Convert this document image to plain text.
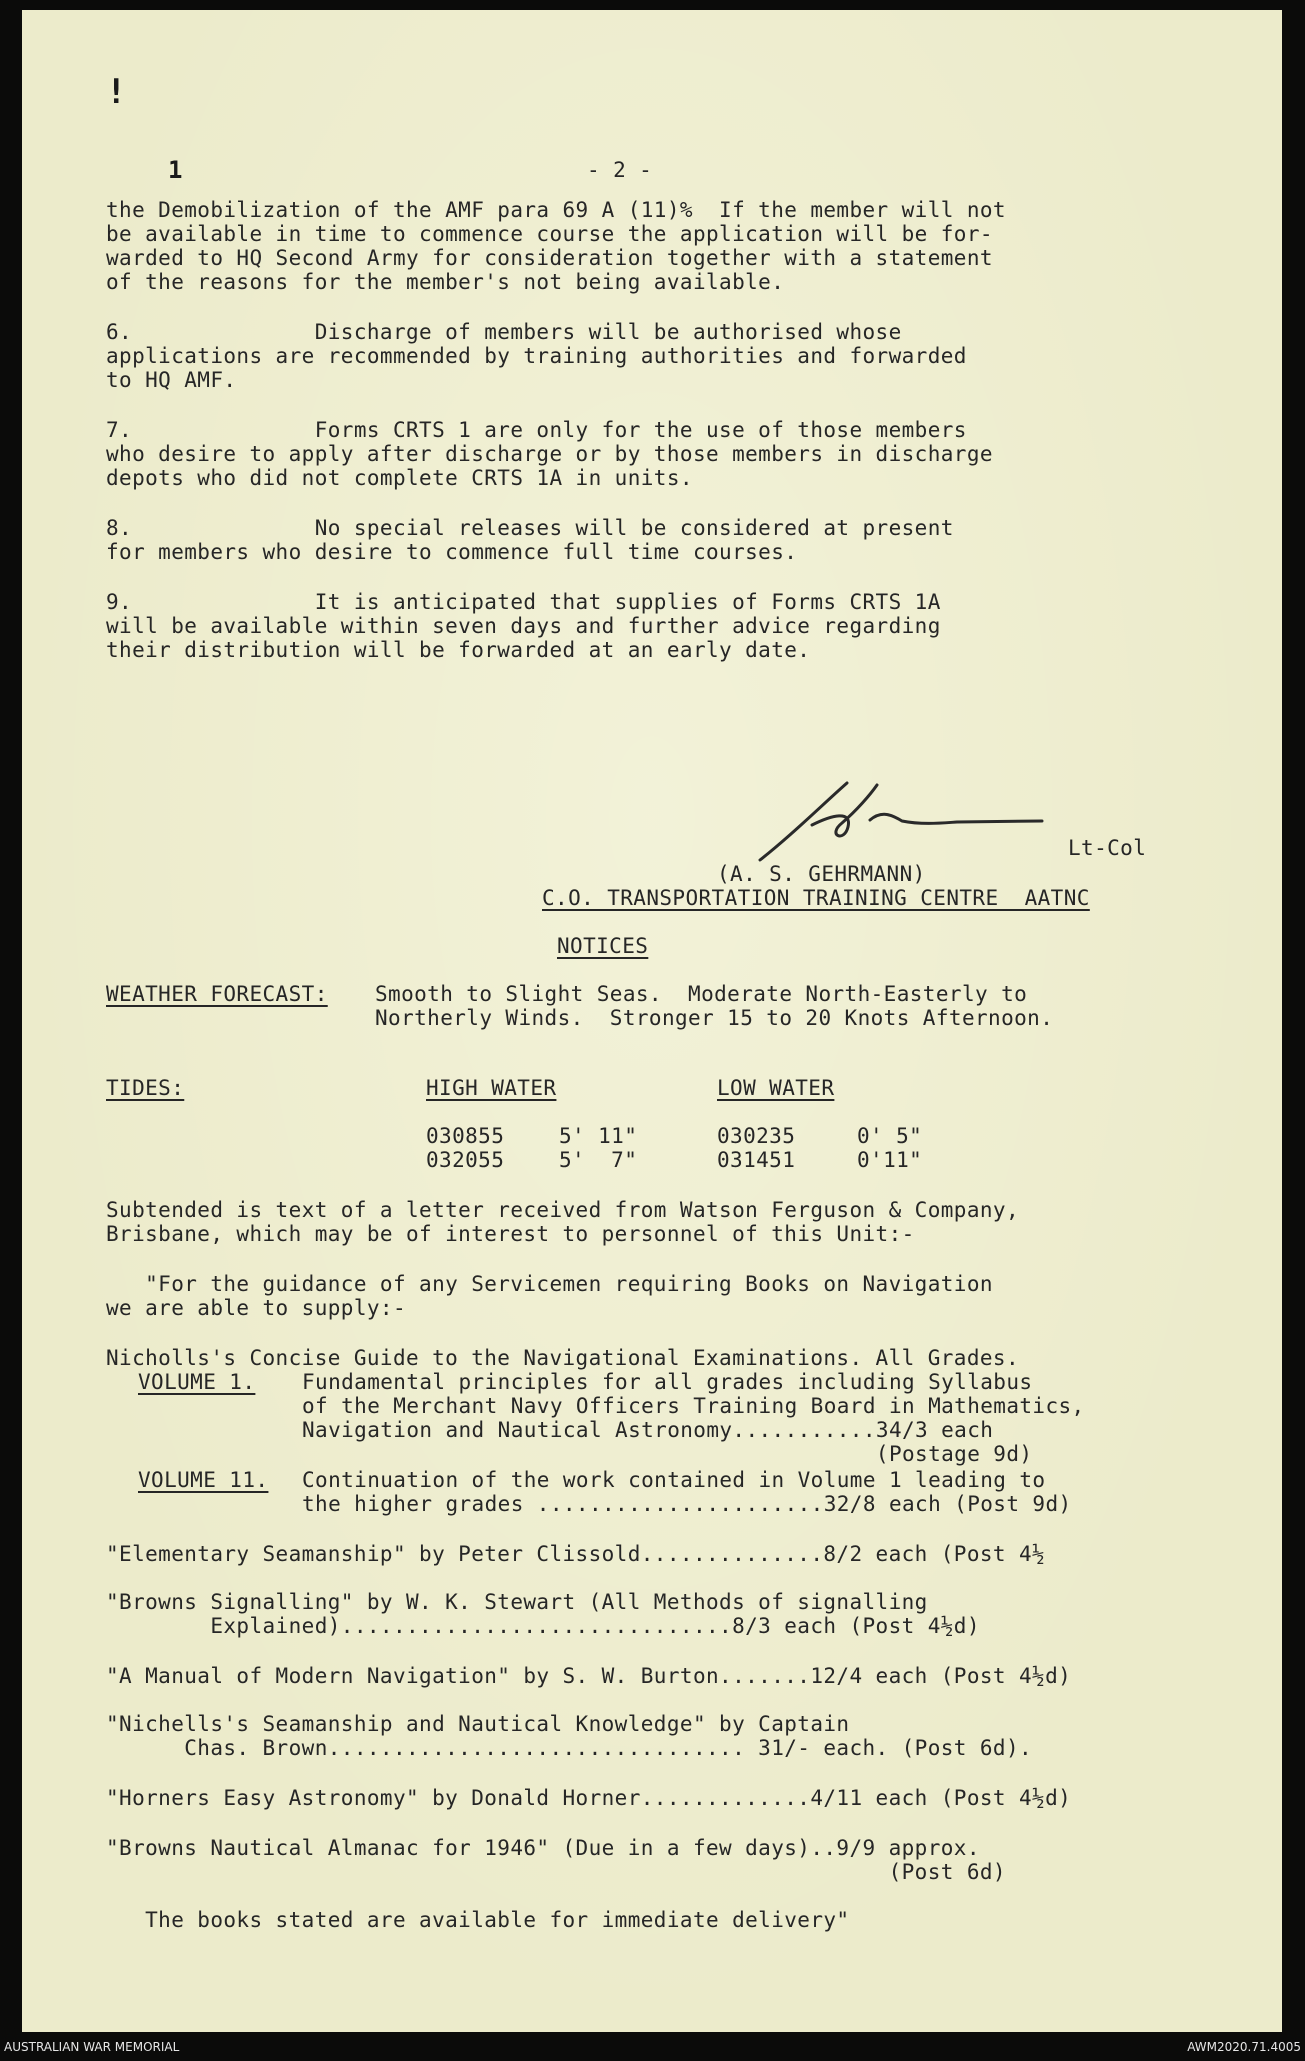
!
1	- 2 -
the Demobilization of the AMF para 69 A (11)%  If the member will not
be available in time to commence course the application will be for-
warded to HQ Second Army for consideration together with a statement
of the reasons for the member's not being available.
6.              Discharge of members will be authorised whose
applications are recommended by training authorities and forwarded
to HQ AMF.
7.              Forms CRTS 1 are only for the use of those members
who desire to apply after discharge or by those members in discharge
depots who did not complete CRTS 1A in units.
8.              No special releases will be considered at present
for members who desire to commence full time courses.
9.              It is anticipated that supplies of Forms CRTS 1A
will be available within seven days and further advice regarding
their distribution will be forwarded at an early date.
Lt-Col
(A. S. GEHRMANN)
C.O. TRANSPORTATION TRAINING CENTRE  AATNC
NOTICES
WEATHER FORECAST: Smooth to Slight Seas.  Moderate North-Easterly to
Northerly Winds.  Stronger 15 to 20 Knots Afternoon.
TIDES:	HIGH WATER	LOW WATER
030855	5' 11"	030235	0' 5"
032055	5'  7"	031451	0'11"
Subtended is text of a letter received from Watson Ferguson & Company,
Brisbane, which may be of interest to personnel of this Unit:-
"For the guidance of any Servicemen requiring Books on Navigation
we are able to supply:-
Nicholls's Concise Guide to the Navigational Examinations. All Grades.
VOLUME 1. Fundamental principles for all grades including Syllabus
of the Merchant Navy Officers Training Board in Mathematics,
Navigation and Nautical Astronomy...........34/3 each
(Postage 9d)
VOLUME 11. Continuation of the work contained in Volume 1 leading to
the higher grades ......................32/8 each (Post 9d)
"Elementary Seamanship" by Peter Clissold..............8/2 each (Post 4½
"Browns Signalling" by W. K. Stewart (All Methods of signalling
Explained)..............................8/3 each (Post 4½d)
"A Manual of Modern Navigation" by S. W. Burton.......12/4 each (Post 4½d)
"Nichells's Seamanship and Nautical Knowledge" by Captain
Chas. Brown................................ 31/- each. (Post 6d).
"Horners Easy Astronomy" by Donald Horner.............4/11 each (Post 4½d)
"Browns Nautical Almanac for 1946" (Due in a few days)..9/9 approx.
(Post 6d)
The books stated are available for immediate delivery"
AUSTRALIAN WAR MEMORIAL	AWM2020.71.4005
